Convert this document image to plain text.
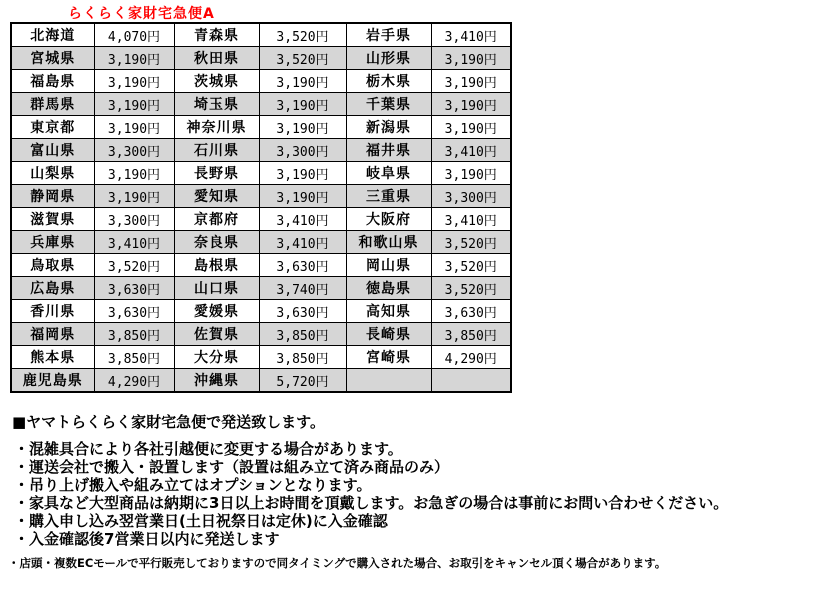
らくらく家財宅急便A
北海道	4,070円	青森県	3,520円	岩手県	3,410円
宮城県	3,190円	秋田県	3,520円	山形県	3,190円
福島県	3,190円	茨城県	3,190円	栃木県	3,190円
群馬県	3,190円	埼玉県	3,190円	千葉県	3,190円
東京都	3,190円	神奈川県	3,190円	新潟県	3,190円
富山県	3,300円	石川県	3,300円	福井県	3,410円
山梨県	3,190円	長野県	3,190円	岐阜県	3,190円
静岡県	3,190円	愛知県	3,190円	三重県	3,300円
滋賀県	3,300円	京都府	3,410円	大阪府	3,410円
兵庫県	3,410円	奈良県	3,410円	和歌山県	3,520円
鳥取県	3,520円	島根県	3,630円	岡山県	3,520円
広島県	3,630円	山口県	3,740円	徳島県	3,520円
香川県	3,630円	愛媛県	3,630円	高知県	3,630円
福岡県	3,850円	佐賀県	3,850円	長崎県	3,850円
熊本県	3,850円	大分県	3,850円	宮崎県	4,290円
鹿児島県	4,290円	沖縄県	5,720円		
■ヤマトらくらく家財宅急便で発送致します。
・混雑具合により各社引越便に変更する場合があります。
・運送会社で搬入・設置します（設置は組み立て済み商品のみ）
・吊り上げ搬入や組み立てはオプションとなります。
・家具など大型商品は納期に3日以上お時間を頂戴します。お急ぎの場合は事前にお問い合わせください。
・購入申し込み翌営業日(土日祝祭日は定休)に入金確認
・入金確認後7営業日以内に発送します
・店頭・複数ECモールで平行販売しておりますので同タイミングで購入された場合、お取引をキャンセル頂く場合があります。
